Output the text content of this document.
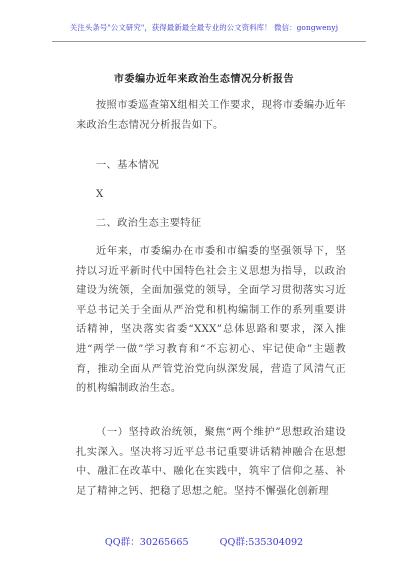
关注头条号"公文研究"，获得最新最全最专业的公文资料库！ 微信：gongwenyj
市委编办近年来政治生态情况分析报告

按照市委巡查第X组相关工作要求，现将市委编办近年来政治生态情况分析报告如下。

一、基本情况
X
二、政治生态主要特征

近年来，市委编办在市委和市编委的坚强领导下，坚持以习近平新时代中国特色社会主义思想为指导，以政治建设为统领，全面加强党的领导，全面学习贯彻落实习近平总书记关于全面从严治党和机构编制工作的系列重要讲话精神，坚决落实省委“XXX”总体思路和要求，深入推进“两学一做”学习教育和“不忘初心、牢记使命”主题教育，推动全面从严管党治党向纵深发展，营造了风清气正的机构编制政治生态。

（一）坚持政治统领，聚焦“两个维护”思想政治建设扎实深入。坚决将习近平总书记重要讲话精神融合在思想中、融汇在改革中、融化在实践中，筑牢了信仰之基、补足了精神之钙、把稳了思想之舵。坚持不懈强化创新理

QQ群：30265665	QQ群:535304092
